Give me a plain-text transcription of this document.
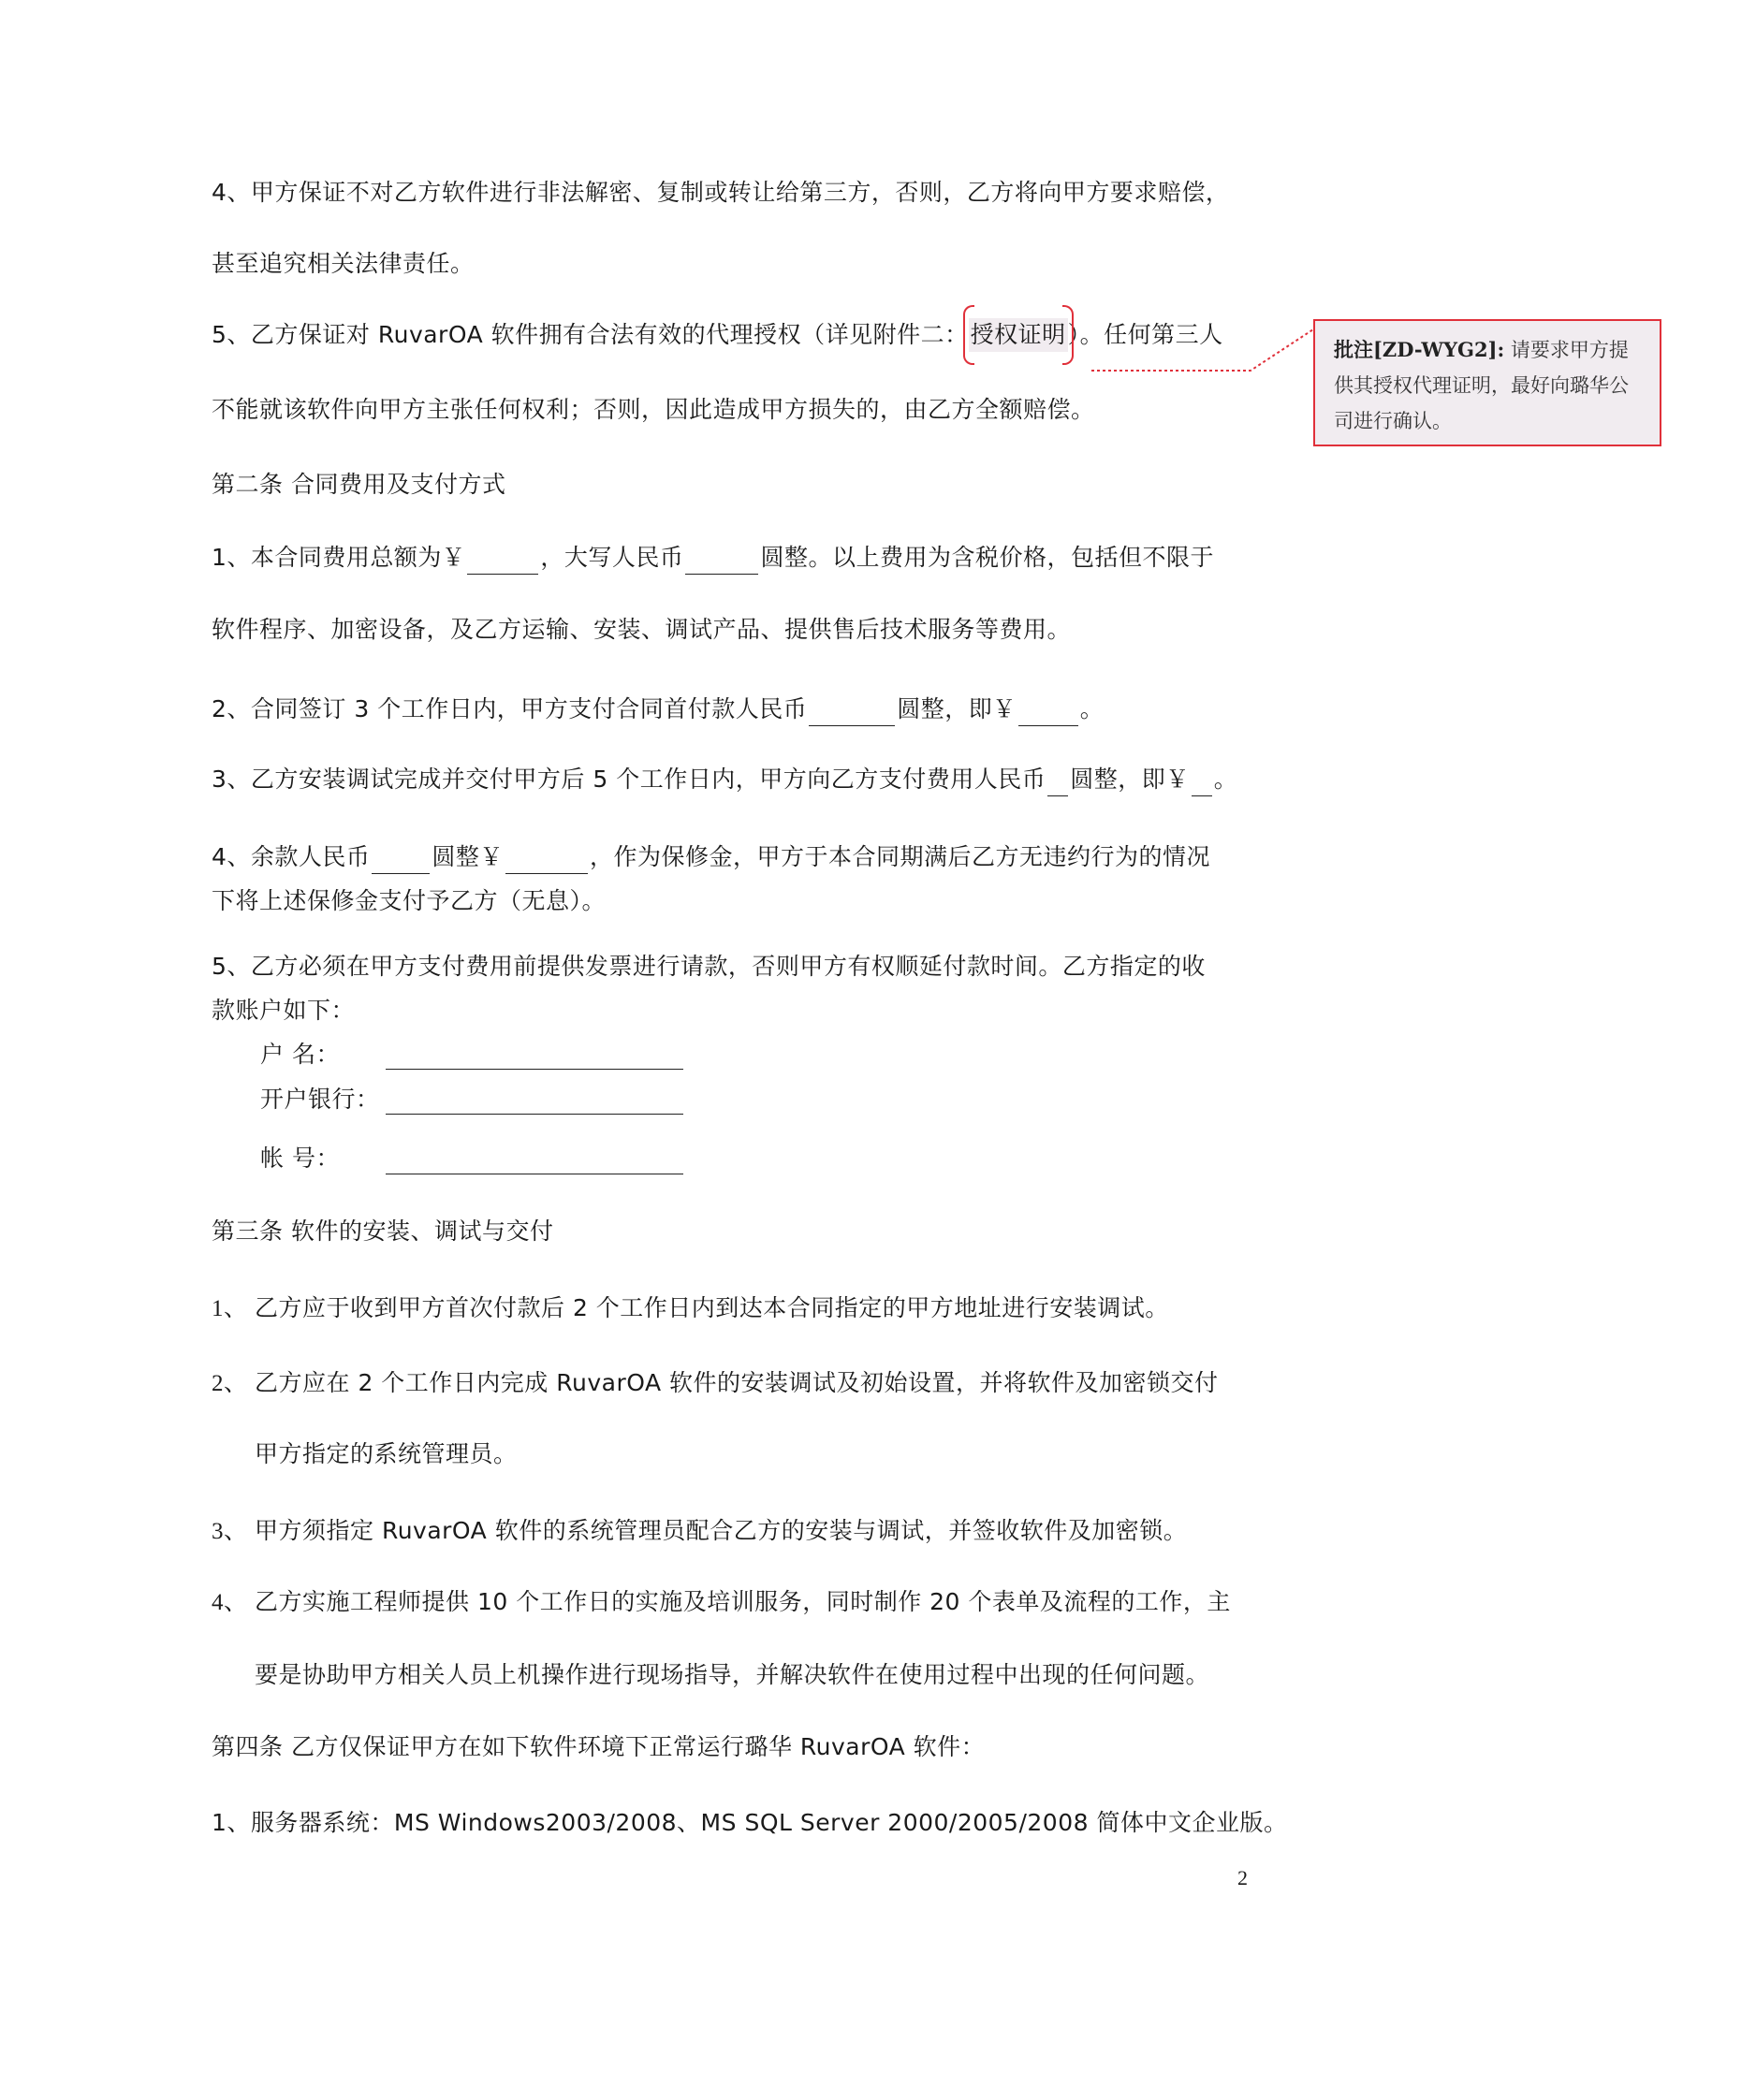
4、甲方保证不对乙方软件进行非法解密、复制或转让给第三方，否则，乙方将向甲方要求赔偿，
甚至追究相关法律责任。
5、乙方保证对 RuvarOA 软件拥有合法有效的代理授权（详见附件二：
授权证明
）。任何第三人
不能就该软件向甲方主张任何权利；否则，因此造成甲方损失的，由乙方全额赔偿。
批注[ZD-WYG2]: 请要求甲方提供其授权代理证明，最好向璐华公司进行确认。
第二条 合同费用及支付方式
1、本合同费用总额为￥	，大写人民币	圆整。以上费用为含税价格，包括但不限于
软件程序、加密设备，及乙方运输、安装、调试产品、提供售后技术服务等费用。
2、合同签订 3 个工作日内，甲方支付合同首付款人民币	圆整，即￥	。
3、乙方安装调试完成并交付甲方后 5 个工作日内，甲方向乙方支付费用人民币 圆整，即￥ 。
4、余款人民币	圆整￥	，作为保修金，甲方于本合同期满后乙方无违约行为的情况
下将上述保修金支付予乙方（无息）。
5、乙方必须在甲方支付费用前提供发票进行请款，否则甲方有权顺延付款时间。乙方指定的收
款账户如下：
户 名：
开户银行：
帐 号：
第三条 软件的安装、调试与交付
1、 乙方应于收到甲方首次付款后 2 个工作日内到达本合同指定的甲方地址进行安装调试。
2、 乙方应在 2 个工作日内完成 RuvarOA 软件的安装调试及初始设置，并将软件及加密锁交付
甲方指定的系统管理员。
3、 甲方须指定 RuvarOA 软件的系统管理员配合乙方的安装与调试，并签收软件及加密锁。
4、 乙方实施工程师提供 10 个工作日的实施及培训服务，同时制作 20 个表单及流程的工作，主
要是协助甲方相关人员上机操作进行现场指导，并解决软件在使用过程中出现的任何问题。
第四条 乙方仅保证甲方在如下软件环境下正常运行璐华 RuvarOA 软件：
1、服务器系统：MS Windows2003/2008、MS SQL Server 2000/2005/2008 简体中文企业版。
2
